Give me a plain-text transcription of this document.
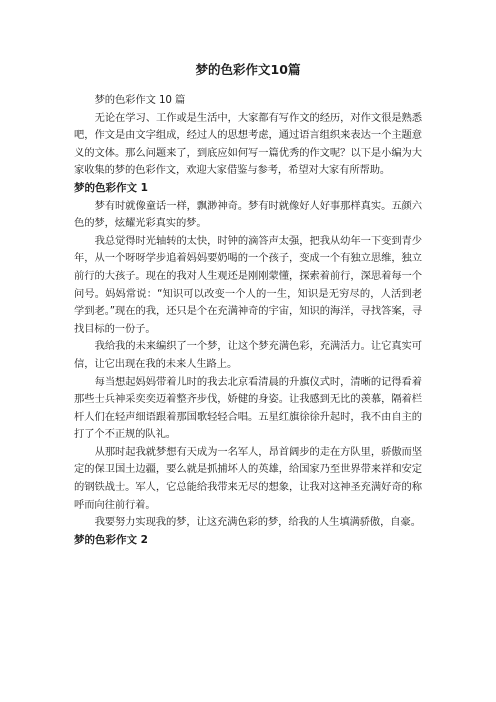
梦的色彩作文10篇

梦的色彩作文 10 篇

无论在学习、工作或是生活中，大家都有写作文的经历，对作文很是熟悉吧，作文是由文字组成，经过人的思想考虑，通过语言组织来表达一个主题意义的文体。那么问题来了，到底应如何写一篇优秀的作文呢？以下是小编为大家收集的梦的色彩作文，欢迎大家借鉴与参考，希望对大家有所帮助。

梦的色彩作文 1

梦有时就像童话一样，飘渺神奇。梦有时就像好人好事那样真实。五颜六色的梦，炫耀光彩真实的梦。

我总觉得时光轴转的太快，时钟的滴答声太强，把我从幼年一下变到青少年，从一个呀呀学步追着妈妈要奶喝的一个孩子，变成一个有独立思维，独立前行的大孩子。现在的我对人生观还是刚刚蒙懂，探索着前行，深思着每一个问号。妈妈常说：“知识可以改变一个人的一生，知识是无穷尽的，人活到老学到老。”现在的我，还只是个在充满神奇的宇宙，知识的海洋，寻找答案，寻找目标的一份子。

我给我的未来编织了一个梦，让这个梦充满色彩，充满活力。让它真实可信，让它出现在我的未来人生路上。

每当想起妈妈带着儿时的我去北京看清晨的升旗仪式时，清晰的记得看着那些士兵神采奕奕迈着整齐步伐，娇健的身姿。让我感到无比的羡慕，隔着栏杆人们在轻声细语跟着那国歌轻轻合唱。五星红旗徐徐升起时，我不由自主的打了个不正规的队礼。

从那时起我就梦想有天成为一名军人，昂首阔步的走在方队里，骄傲而坚定的保卫国土边疆，要么就是抓捕坏人的英雄，给国家乃至世界带来祥和安定的钢铁战士。军人，它总能给我带来无尽的想象，让我对这神圣充满好奇的称呼而向往前行着。

我要努力实现我的梦，让这充满色彩的梦，给我的人生填满骄傲，自豪。

梦的色彩作文 2
